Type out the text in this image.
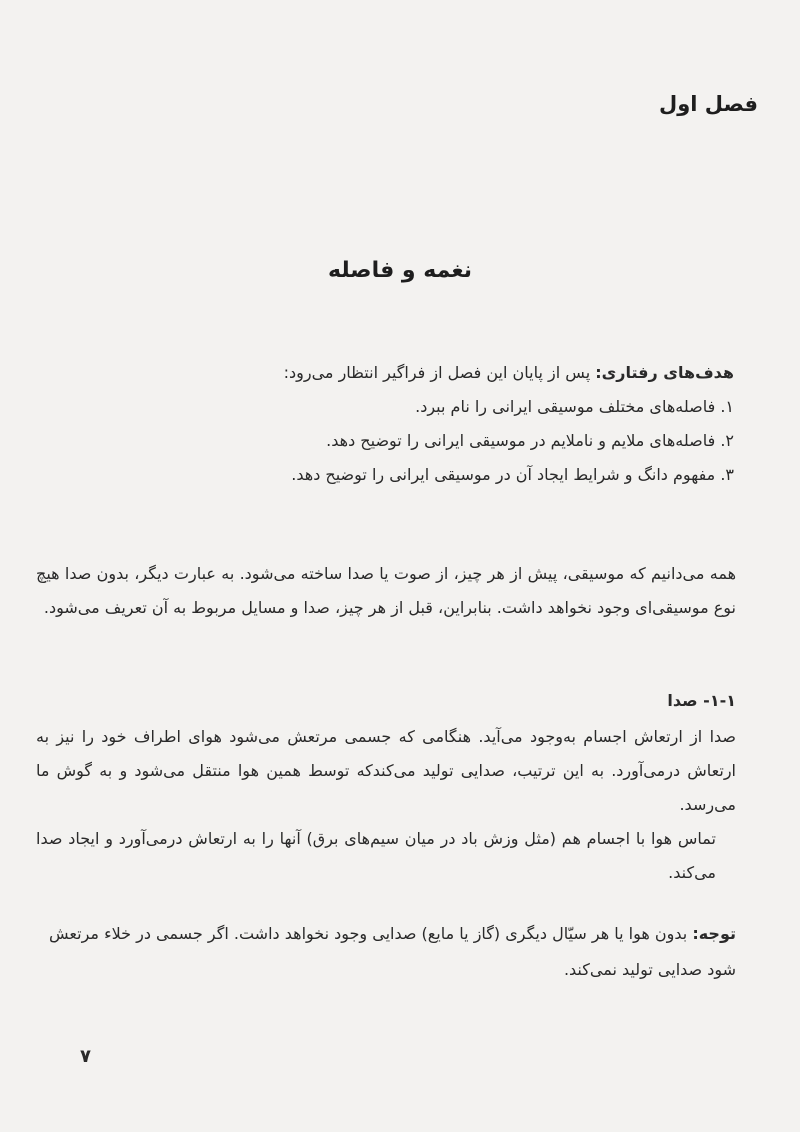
فصل اول
نغمه و فاصله

هدف‌های رفتاری: پس از پایان این فصل از فراگیر انتظار می‌رود:

۱. فاصله‌های مختلف موسیقی ایرانی را نام ببرد.

۲. فاصله‌های ملایم و ناملایم در موسیقی ایرانی را توضیح دهد.

۳. مفهوم دانگ و شرایط ایجاد آن در موسیقی ایرانی را توضیح دهد.

همه می‌دانیم که موسیقی، پیش از هر چیز، از صوت یا صدا ساخته می‌شود. به عبارت دیگر، بدون صدا هیچ نوع موسیقی‌ای وجود نخواهد داشت. بنابراین، قبل از هر چیز، صدا و مسایل مربوط به آن تعریف می‌شود.

۱-۱- صدا

صدا از ارتعاش اجسام به‌وجود می‌آید. هنگامی که جسمی مرتعش می‌شود هوای اطراف خود را نیز به ارتعاش درمی‌آورد. به این ترتیب، صدایی تولید می‌کندکه توسط همین هوا منتقل می‌شود و به گوش ما می‌رسد.

تماس هوا با اجسام هم (مثل وزش باد در میان سیم‌های برق) آنها را به ارتعاش درمی‌آورد و ایجاد صدا می‌کند.

توجه: بدون هوا یا هر سیّال دیگری (گاز یا مایع) صدایی وجود نخواهد داشت. اگر جسمی در خلاء مرتعش شود صدایی تولید نمی‌کند.

۷
